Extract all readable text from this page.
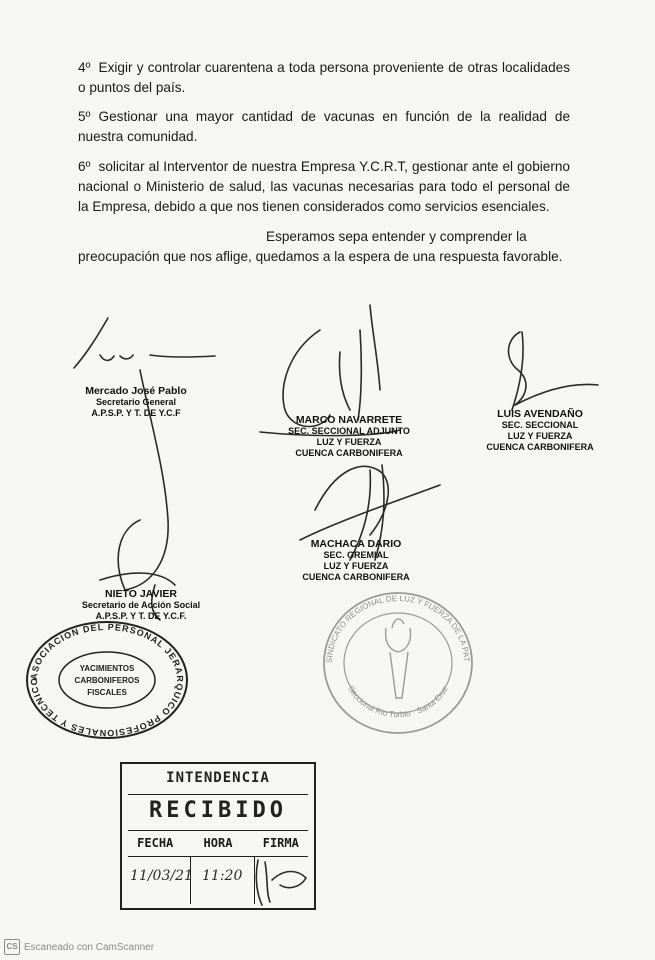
4º Exigir y controlar cuarentena a toda persona proveniente de otras localidades o puntos del país.

5º Gestionar una mayor cantidad de vacunas en función de la realidad de nuestra comunidad.

6º solicitar al Interventor de nuestra Empresa Y.C.R.T, gestionar ante el gobierno nacional o Ministerio de salud, las vacunas necesarias para todo el personal de la Empresa, debido a que nos tienen considerados como servicios esenciales.

Esperamos sepa entender y comprender la
preocupación que nos aflige, quedamos a la espera de una respuesta favorable.
Mercado José Pablo
Secretario General
A.P.S.P. Y T. DE Y.C.F
MARCO NAVARRETE
SEC. SECCIONAL ADJUNTO
LUZ Y FUERZA
CUENCA CARBONIFERA
LUIS AVENDAÑO
SEC. SECCIONAL
LUZ Y FUERZA
CUENCA CARBONIFERA
MACHACA DARIO
SEC. GREMIAL
LUZ Y FUERZA
CUENCA CARBONIFERA
NIETO JAVIER
Secretario de Acción Social
A.P.S.P. Y T. DE Y.C.F.
ASOCIACION DEL PERSONAL JERARQUICO PROFESIONALES Y TECNICOS
YACIMIENTOS
CARBONIFEROS
FISCALES
SINDICATO REGIONAL DE LUZ Y FUERZA DE LA PATAGONIA
Seccional Río Turbio · Santa Cruz
INTENDENCIA
RECIBIDO
FECHA	HORA	FIRMA
11/03/21 11:20
CS Escaneado con CamScanner
